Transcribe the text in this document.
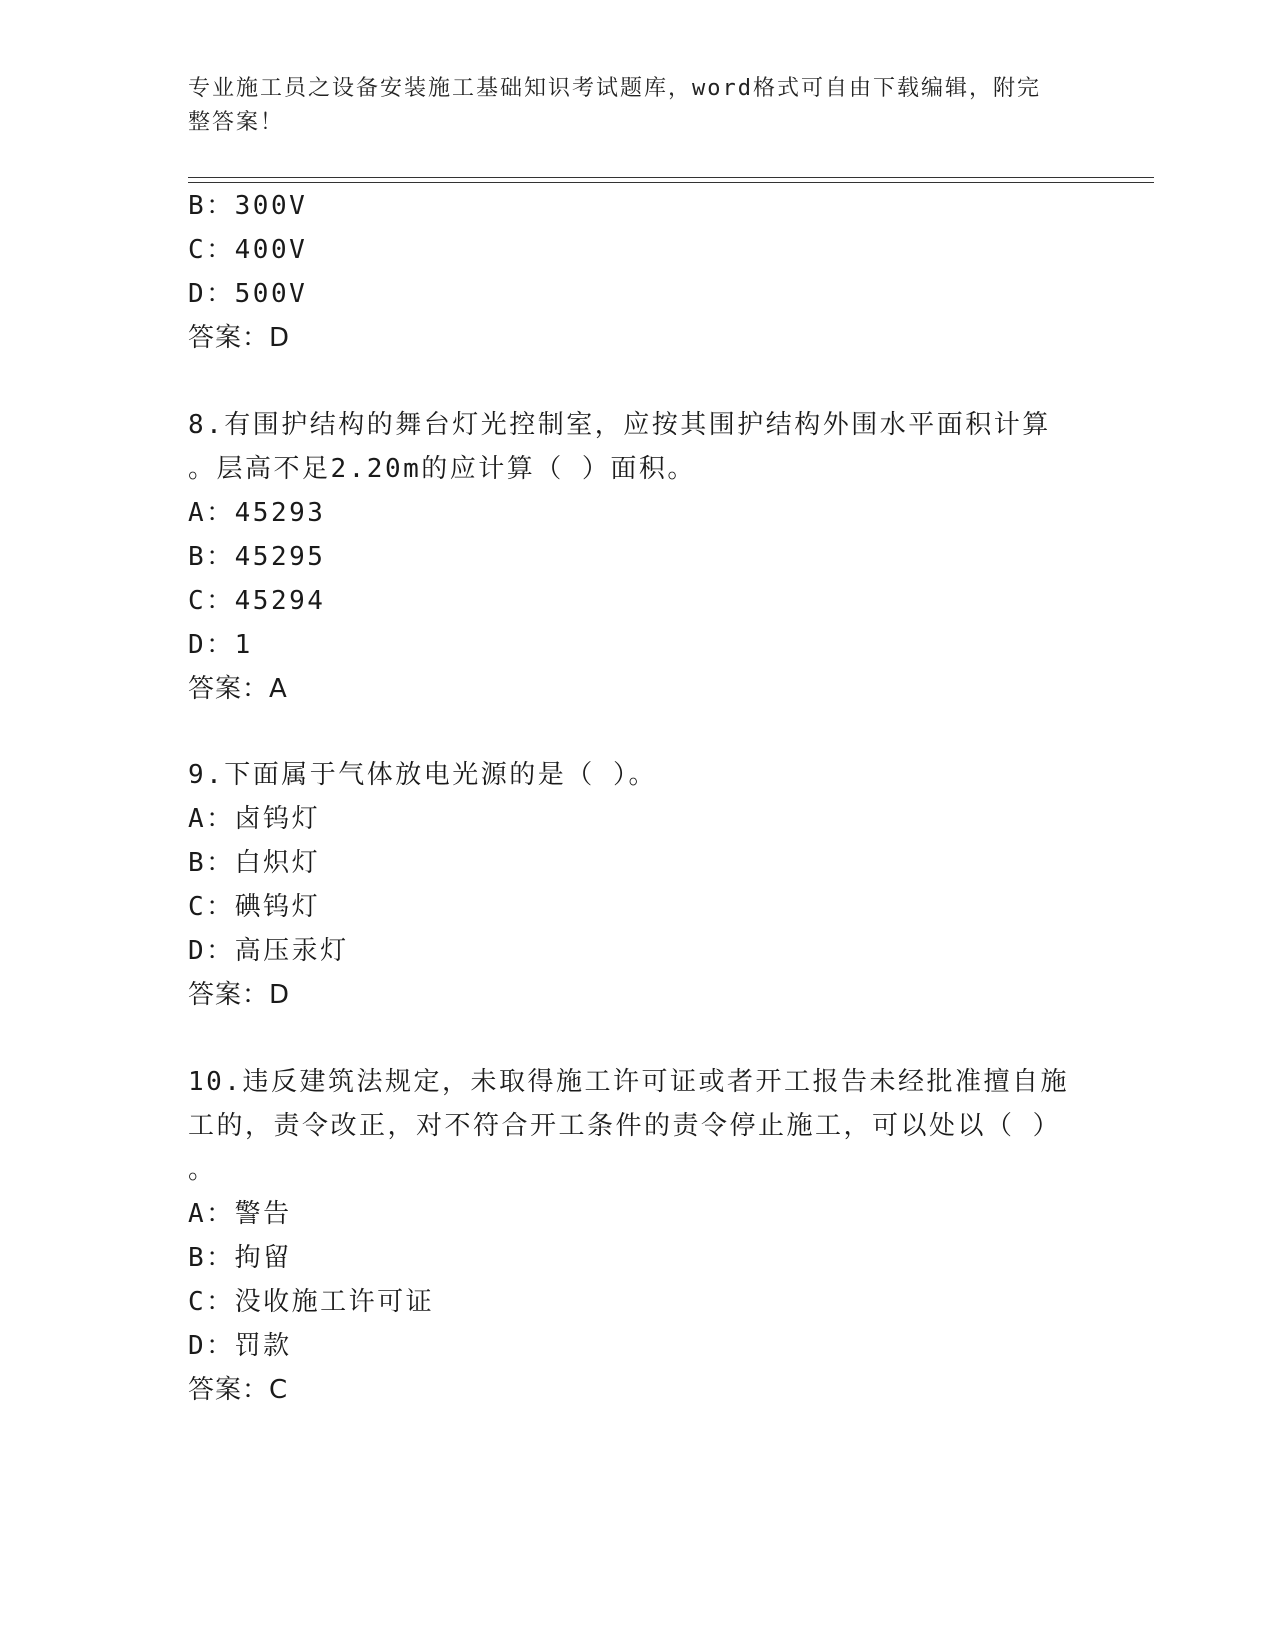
专业施工员之设备安装施工基础知识考试题库，word格式可自由下载编辑，附完
整答案！
B：300V
C：400V
D：500V
答案：D
8.有围护结构的舞台灯光控制室，应按其围护结构外围水平面积计算
。层高不足2.20m的应计算（ ）面积。
A：45293
B：45295
C：45294
D：1
答案：A
9.下面属于气体放电光源的是（ ）。
A：卤钨灯
B：白炽灯
C：碘钨灯
D：高压汞灯
答案：D
10.违反建筑法规定，未取得施工许可证或者开工报告未经批准擅自施
工的，责令改正，对不符合开工条件的责令停止施工，可以处以（ ）
。
A：警告
B：拘留
C：没收施工许可证
D：罚款
答案：C
